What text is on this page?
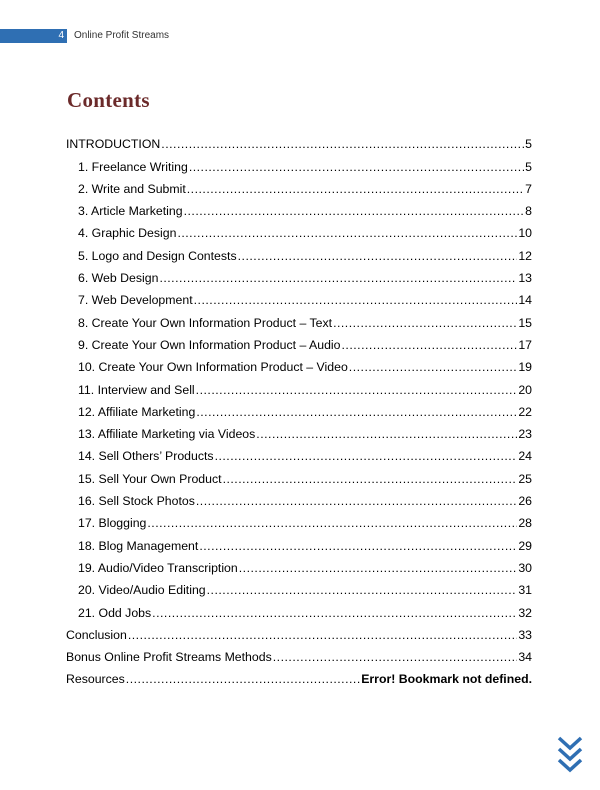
4 Online Profit Streams
Contents
INTRODUCTION .....	5
1. Freelance Writing .....	5
2. Write and Submit .....	7
3. Article Marketing .....	8
4. Graphic Design .....	10
5. Logo and Design Contests .....	12
6. Web Design .....	13
7. Web Development .....	14
8. Create Your Own Information Product – Text .....	15
9. Create Your Own Information Product – Audio .....	17
10. Create Your Own Information Product – Video .....	19
11. Interview and Sell .....	20
12. Affiliate Marketing .....	22
13. Affiliate Marketing via Videos .....	23
14. Sell Others’ Products .....	24
15. Sell Your Own Product .....	25
16. Sell Stock Photos .....	26
17. Blogging .....	28
18. Blog Management .....	29
19. Audio/Video Transcription .....	30
20. Video/Audio Editing .....	31
21. Odd Jobs .....	32
Conclusion .....	33
Bonus Online Profit Streams Methods .....	34
Resources .....	Error! Bookmark not defined.
